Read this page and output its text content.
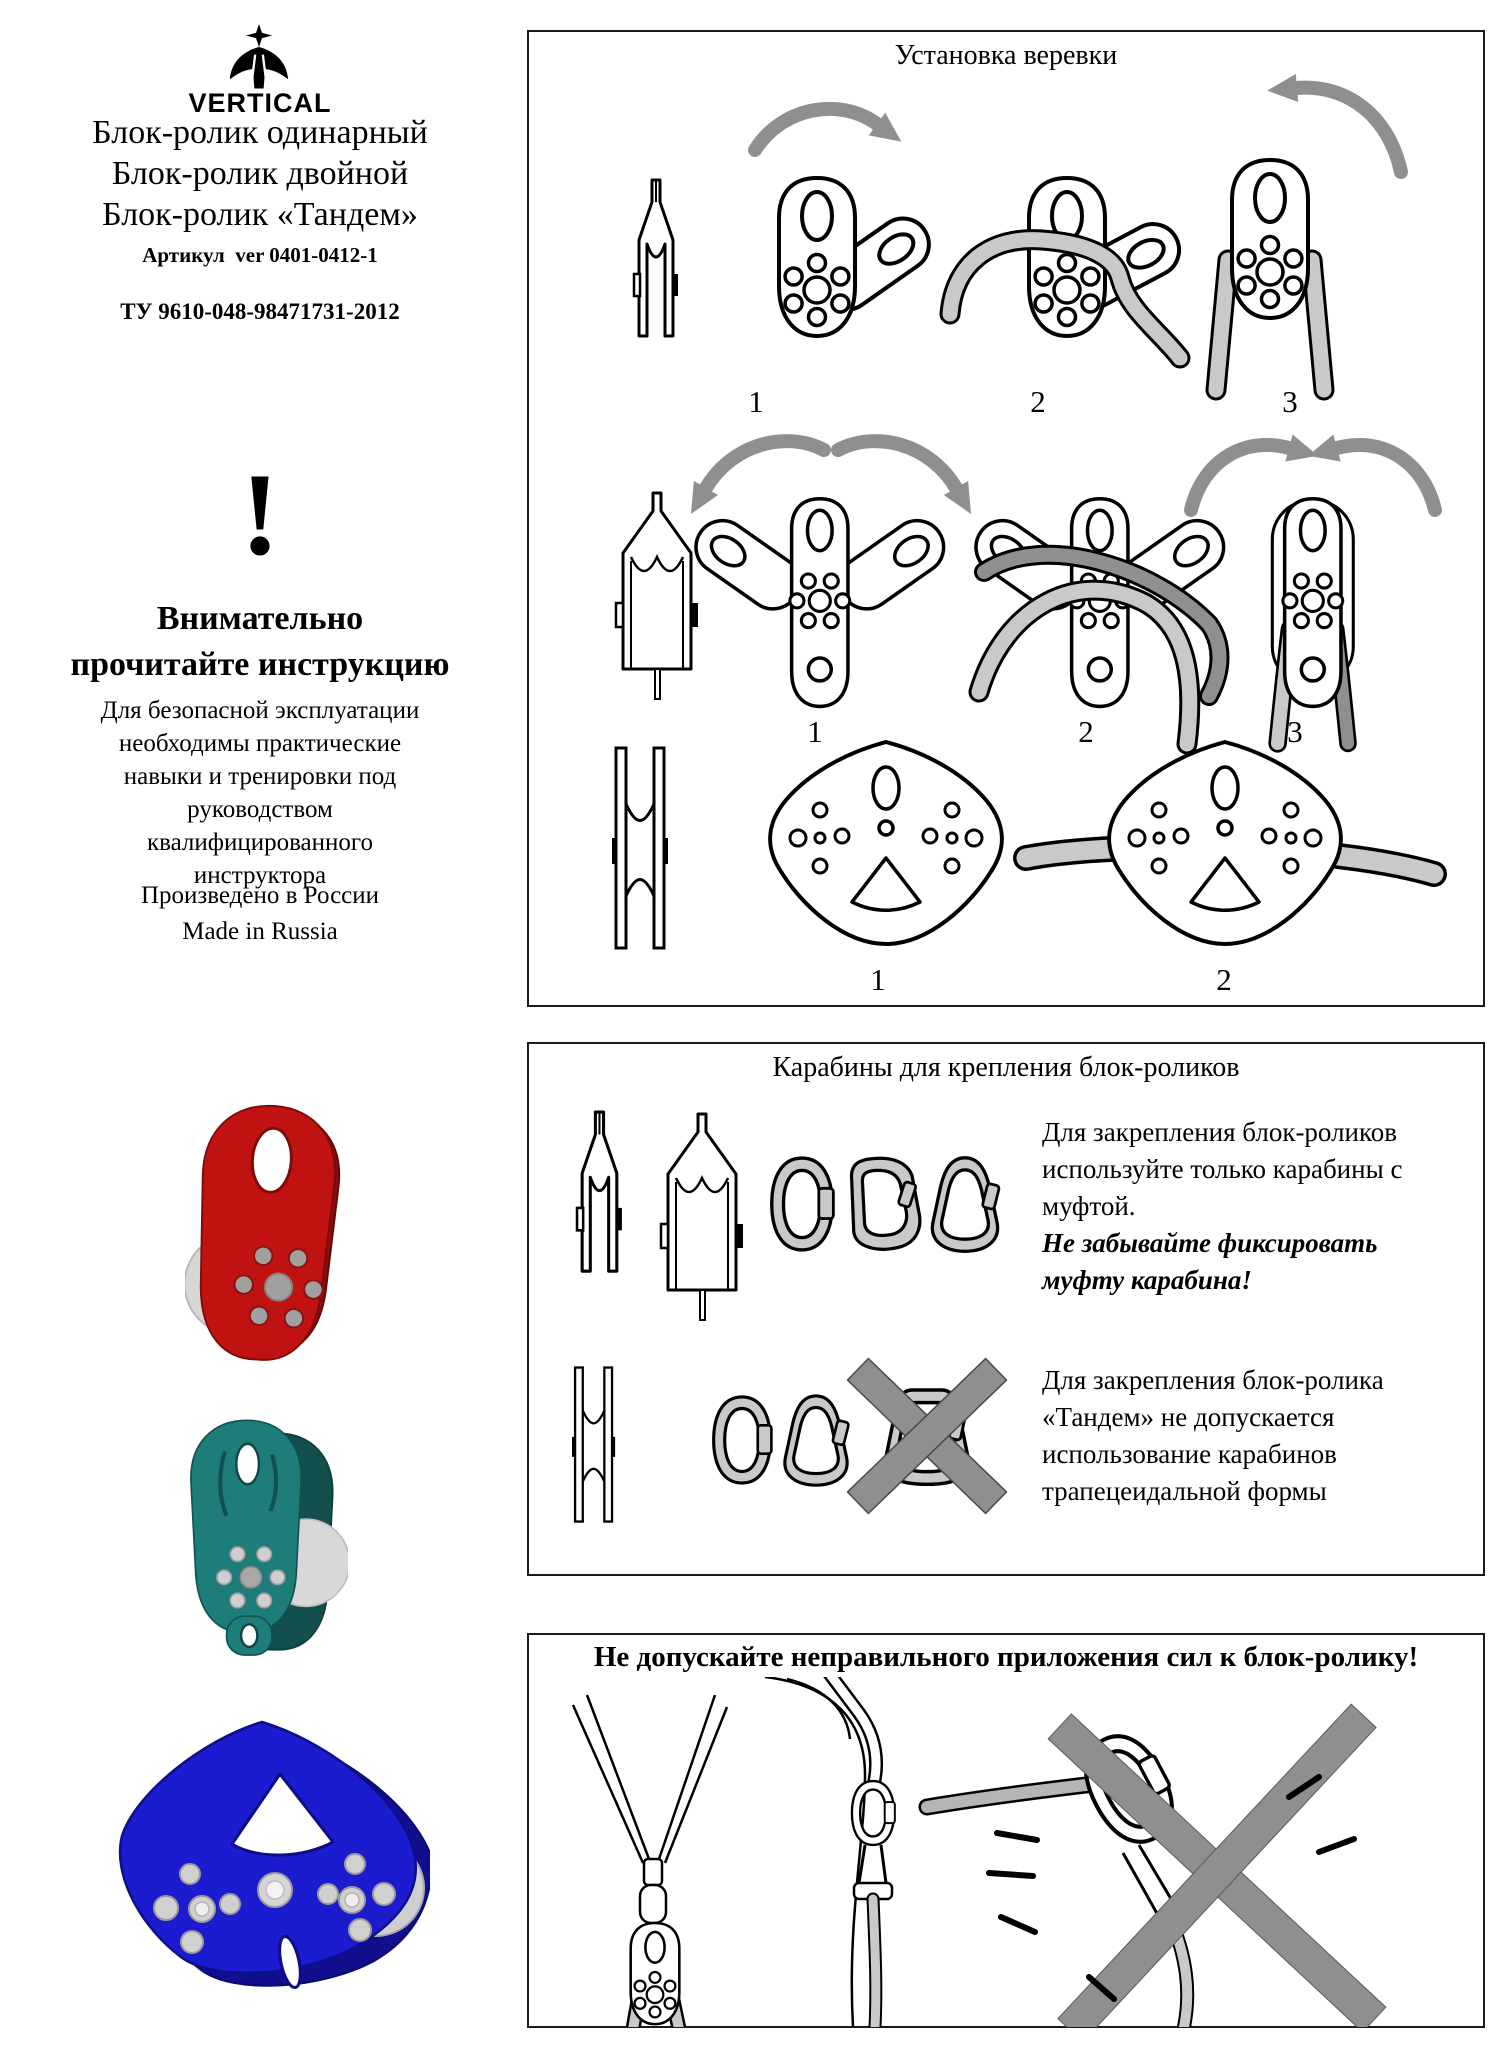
VERTICAL
Блок-ролик одинарный
Блок-ролик двойной
Блок-ролик «Тандем»
Артикул  ver 0401-0412-1
ТУ 9610-048-98471731-2012
!
Внимательно
прочитайте инструкцию
Для безопасной эксплуатации необходимы практические навыки и тренировки под руководством квалифицированного инструктора
Произведено в России
Made in Russia
Установка веревки
1	2	3
1	2	3
1	2
Карабины для крепления блок-роликов
Для закрепления блок-роликов используйте только карабины с муфтой.
Не забывайте фиксировать муфту карабина!
Для закрепления блок-ролика «Тандем» не допускается использование карабинов трапецеидальной формы
Не допускайте неправильного приложения сил к блок-ролику!
